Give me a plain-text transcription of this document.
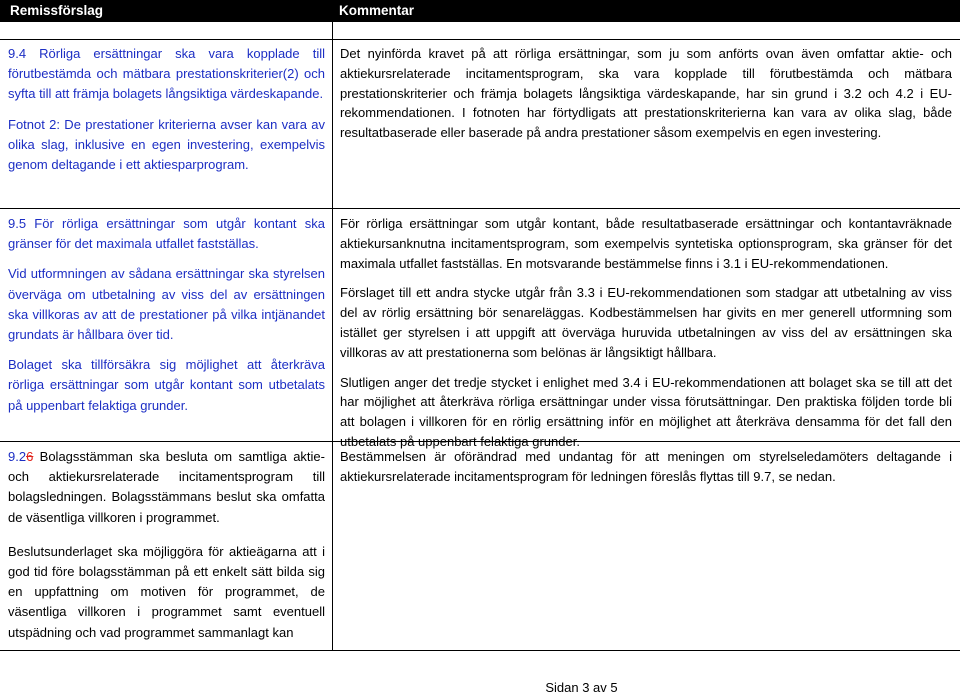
Remissförslag	Kommentar

9.4 Rörliga ersättningar ska vara kopplade till förutbestämda och mätbara prestationskriterier(2) och syfta till att främja bolagets långsiktiga värdeskapande.

Fotnot 2: De prestationer kriterierna avser kan vara av olika slag, inklusive en egen investering, exempelvis genom deltagande i ett aktiesparprogram.

Det nyinförda kravet på att rörliga ersättningar, som ju som anförts ovan även omfattar aktie- och aktiekursrelaterade incitamentsprogram, ska vara kopplade till förutbestämda och mätbara prestationskriterier och främja bolagets långsiktiga värdeskapande, har sin grund i 3.2 och 4.2 i EU-rekommendationen. I fotnoten har förtydligats att prestationskriterierna kan vara av olika slag, både resultatbaserade eller baserade på andra prestationer såsom exempelvis en egen investering.

9.5 För rörliga ersättningar som utgår kontant ska gränser för det maximala utfallet fastställas.

Vid utformningen av sådana ersättningar ska styrelsen överväga om utbetalning av viss del av ersättningen ska villkoras av att de prestationer på vilka intjänandet grundats är hållbara över tid.

Bolaget ska tillförsäkra sig möjlighet att återkräva rörliga ersättningar som utgår kontant som utbetalats på uppenbart felaktiga grunder.

För rörliga ersättningar som utgår kontant, både resultatbaserade ersättningar och kontantavräknade aktiekursanknutna incitamentsprogram, som exempelvis syntetiska optionsprogram, ska gränser för det maximala utfallet fastställas. En motsvarande bestämmelse finns i 3.1 i EU-rekommendationen.

Förslaget till ett andra stycke utgår från 3.3 i EU-rekommendationen som stadgar att utbetalning av viss del av rörlig ersättning bör senareläggas. Kodbestämmelsen har givits en mer generell utformning som istället ger styrelsen i att uppgift att överväga huruvida utbetalningen av viss del av ersättningen ska villkoras av att prestationerna som belönas är långsiktigt hållbara.

Slutligen anger det tredje stycket i enlighet med 3.4 i EU-rekommendationen att bolaget ska se till att det har möjlighet att återkräva rörliga ersättningar under vissa förutsättningar. Den praktiska följden torde bli att bolagen i villkoren för en rörlig ersättning inför en möjlighet att återkräva densamma för det fall den utbetalats på uppenbart felaktiga grunder.

9.26 Bolagsstämman ska besluta om samtliga aktie- och aktiekursrelaterade incitamentsprogram till bolagsledningen. Bolagsstämmans beslut ska omfatta de väsentliga villkoren i programmet.

Beslutsunderlaget ska möjliggöra för aktieägarna att i god tid före bolagsstämman på ett enkelt sätt bilda sig en uppfattning om motiven för programmet, de väsentliga villkoren i programmet samt eventuell utspädning och vad programmet sammanlagt kan

Bestämmelsen är oförändrad med undantag för att meningen om styrelseledamöters deltagande i aktiekursrelaterade incitamentsprogram för ledningen föreslås flyttas till 9.7, se nedan.

Sidan 3 av 5
